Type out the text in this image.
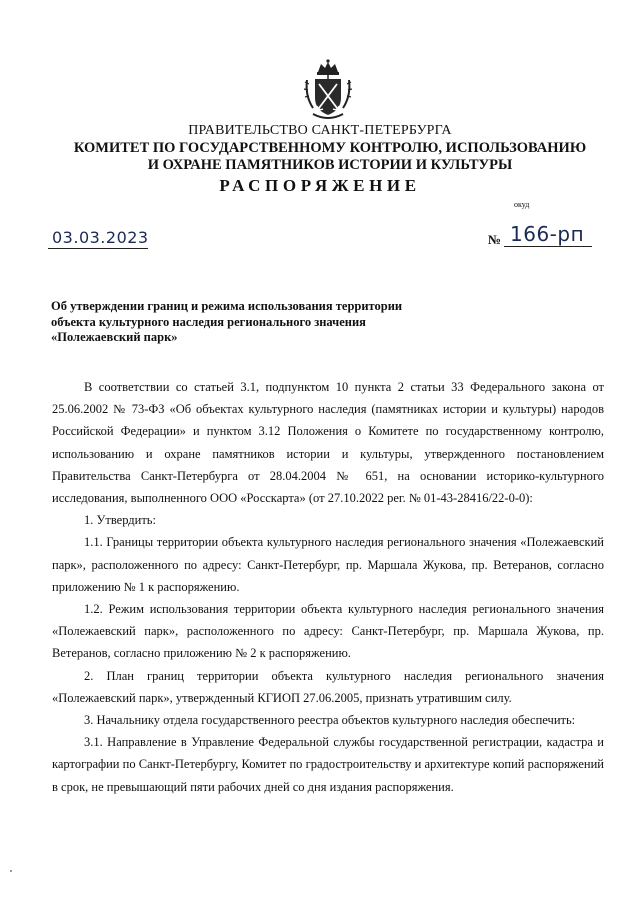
ПРАВИТЕЛЬСТВО САНКТ-ПЕТЕРБУРГА
КОМИТЕТ ПО ГОСУДАРСТВЕННОМУ КОНТРОЛЮ, ИСПОЛЬЗОВАНИЮ
И ОХРАНЕ ПАМЯТНИКОВ ИСТОРИИ И КУЛЬТУРЫ
РАСПОРЯЖЕНИЕ
окуд
03.03.2023	№ 166-рп
Об утверждении границ и режима использования территории
объекта культурного наследия регионального значения
«Полежаевский парк»

В соответствии со статьей 3.1, подпунктом 10 пункта 2 статьи 33 Федерального закона от 25.06.2002 № 73-ФЗ «Об объектах культурного наследия (памятниках истории и культуры) народов Российской Федерации» и пунктом 3.12 Положения о Комитете по государственному контролю, использованию и охране памятников истории и культуры, утвержденного постановлением Правительства Санкт-Петербурга от 28.04.2004 № 651, на основании историко-культурного исследования, выполненного ООО «Росскарта» (от 27.10.2022 рег. № 01-43-28416/22-0-0):

1. Утвердить:

1.1. Границы территории объекта культурного наследия регионального значения «Полежаевский парк», расположенного по адресу: Санкт-Петербург, пр. Маршала Жукова, пр. Ветеранов, согласно приложению № 1 к распоряжению.

1.2. Режим использования территории объекта культурного наследия регионального значения «Полежаевский парк», расположенного по адресу: Санкт-Петербург, пр. Маршала Жукова, пр. Ветеранов, согласно приложению № 2 к распоряжению.

2. План границ территории объекта культурного наследия регионального значения «Полежаевский парк», утвержденный КГИОП 27.06.2005, признать утратившим силу.

3. Начальнику отдела государственного реестра объектов культурного наследия обеспечить:

3.1. Направление в Управление Федеральной службы государственной регистрации, кадастра и картографии по Санкт-Петербургу, Комитет по градостроительству и архитектуре копий распоряжений в срок, не превышающий пяти рабочих дней со дня издания распоряжения.
